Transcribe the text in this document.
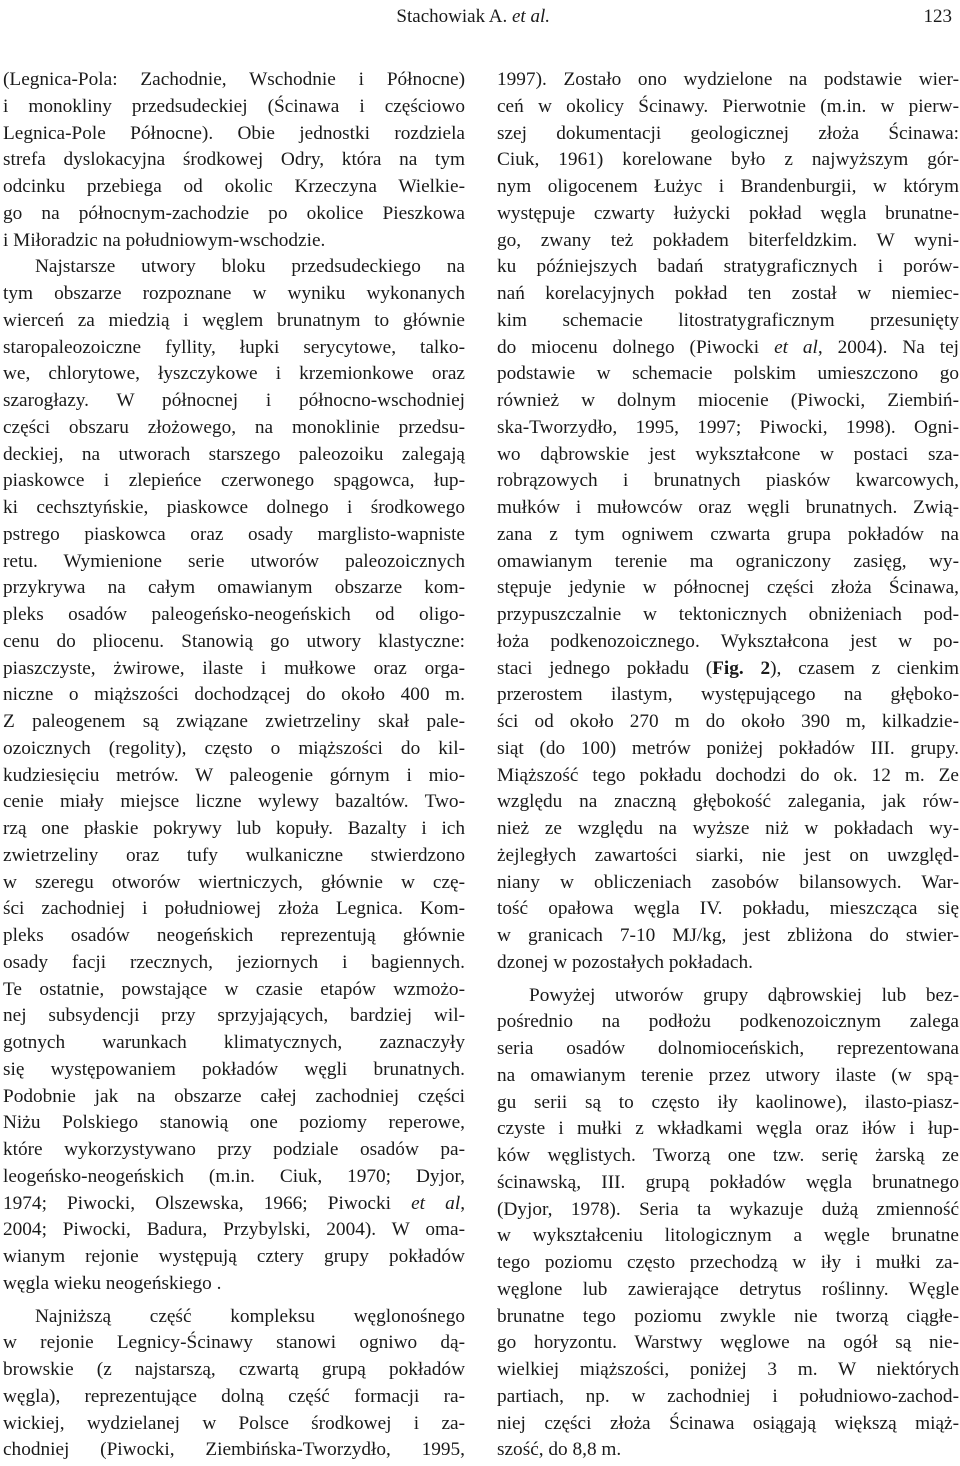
Stachowiak A. et al.	123
(Legnica-Pola: Zachodnie, Wschodnie i Północne)
i monokliny przedsudeckiej (Ścinawa i częściowo
Legnica-Pole Północne). Obie jednostki rozdziela
strefa dyslokacyjna środkowej Odry, która na tym
odcinku przebiega od okolic Krzeczyna Wielkie-
go na północnym-zachodzie po okolice Pieszkowa
i Miłoradzic na południowym-wschodzie.
Najstarsze utwory bloku przedsudeckiego na
tym obszarze rozpoznane w wyniku wykonanych
wierceń za miedzią i węglem brunatnym to głównie
staropaleozoiczne fyllity, łupki serycytowe, talko-
we, chlorytowe, łyszczykowe i krzemionkowe oraz
szarogłazy. W północnej i północno-wschodniej
części obszaru złożowego, na monoklinie przedsu-
deckiej, na utworach starszego paleozoiku zalegają
piaskowce i zlepieńce czerwonego spągowca, łup-
ki cechsztyńskie, piaskowce dolnego i środkowego
pstrego piaskowca oraz osady marglisto-wapniste
retu. Wymienione serie utworów paleozoicznych
przykrywa na całym omawianym obszarze kom-
pleks osadów paleogeńsko-neogeńskich od oligo-
cenu do pliocenu. Stanowią go utwory klastyczne:
piaszczyste, żwirowe, ilaste i mułkowe oraz orga-
niczne o miąższości dochodzącej do około 400 m.
Z paleogenem są związane zwietrzeliny skał pale-
ozoicznych (regolity), często o miąższości do kil-
kudziesięciu metrów. W paleogenie górnym i mio-
cenie miały miejsce liczne wylewy bazaltów. Two-
rzą one płaskie pokrywy lub kopuły. Bazalty i ich
zwietrzeliny oraz tufy wulkaniczne stwierdzono
w szeregu otworów wiertniczych, głównie w czę-
ści zachodniej i południowej złoża Legnica. Kom-
pleks osadów neogeńskich reprezentują głównie
osady facji rzecznych, jeziornych i bagiennych.
Te ostatnie, powstające w czasie etapów wzmożo-
nej subsydencji przy sprzyjających, bardziej wil-
gotnych warunkach klimatycznych, zaznaczyły
się występowaniem pokładów węgli brunatnych.
Podobnie jak na obszarze całej zachodniej części
Niżu Polskiego stanowią one poziomy reperowe,
które wykorzystywano przy podziale osadów pa-
leogeńsko-neogeńskich (m.in. Ciuk, 1970; Dyjor,
1974; Piwocki, Olszewska, 1966; Piwocki et al,
2004; Piwocki, Badura, Przybylski, 2004). W oma-
wianym rejonie występują cztery grupy pokładów
węgla wieku neogeńskiego .
Najniższą część kompleksu węglonośnego
w rejonie Legnicy-Ścinawy stanowi ogniwo dą-
browskie (z najstarszą, czwartą grupą pokładów
węgla), reprezentujące dolną część formacji ra-
wickiej, wydzielanej w Polsce środkowej i za-
chodniej (Piwocki, Ziembińska-Tworzydło, 1995,
1997). Zostało ono wydzielone na podstawie wier-
ceń w okolicy Ścinawy. Pierwotnie (m.in. w pierw-
szej dokumentacji geologicznej złoża Ścinawa:
Ciuk, 1961) korelowane było z najwyższym gór-
nym oligocenem Łużyc i Brandenburgii, w którym
występuje czwarty łużycki pokład węgla brunatne-
go, zwany też pokładem biterfeldzkim. W wyni-
ku późniejszych badań stratygraficznych i porów-
nań korelacyjnych pokład ten został w niemiec-
kim schemacie litostratygraficznym przesunięty
do miocenu dolnego (Piwocki et al, 2004). Na tej
podstawie w schemacie polskim umieszczono go
również w dolnym miocenie (Piwocki, Ziembiń-
ska-Tworzydło, 1995, 1997; Piwocki, 1998). Ogni-
wo dąbrowskie jest wykształcone w postaci sza-
robrązowych i brunatnych piasków kwarcowych,
mułków i mułowców oraz węgli brunatnych. Zwią-
zana z tym ogniwem czwarta grupa pokładów na
omawianym terenie ma ograniczony zasięg, wy-
stępuje jedynie w północnej części złoża Ścinawa,
przypuszczalnie w tektonicznych obniżeniach pod-
łoża podkenozoicznego. Wykształcona jest w po-
staci jednego pokładu (Fig. 2), czasem z cienkim
przerostem ilastym, występującego na głęboko-
ści od około 270 m do około 390 m, kilkadzie-
siąt (do 100) metrów poniżej pokładów III. grupy.
Miąższość tego pokładu dochodzi do ok. 12 m. Ze
względu na znaczną głębokość zalegania, jak rów-
nież ze względu na wyższe niż w pokładach wy-
żejległych zawartości siarki, nie jest on uwzględ-
niany w obliczeniach zasobów bilansowych. War-
tość opałowa węgla IV. pokładu, mieszcząca się
w granicach 7-10 MJ/kg, jest zbliżona do stwier-
dzonej w pozostałych pokładach.
Powyżej utworów grupy dąbrowskiej lub bez-
pośrednio na podłożu podkenozoicznym zalega
seria osadów dolnomioceńskich, reprezentowana
na omawianym terenie przez utwory ilaste (w spą-
gu serii są to często iły kaolinowe), ilasto-piasz-
czyste i mułki z wkładkami węgla oraz iłów i łup-
ków węglistych. Tworzą one tzw. serię żarską ze
ścinawską, III. grupą pokładów węgla brunatnego
(Dyjor, 1978). Seria ta wykazuje dużą zmienność
w wykształceniu litologicznym a węgle brunatne
tego poziomu często przechodzą w iły i mułki za-
węglone lub zawierające detrytus roślinny. Węgle
brunatne tego poziomu zwykle nie tworzą ciągłe-
go horyzontu. Warstwy węglowe na ogół są nie-
wielkiej miąższości, poniżej 3 m. W niektórych
partiach, np. w zachodniej i południowo-zachod-
niej części złoża Ścinawa osiągają większą miąż-
szość, do 8,8 m.
